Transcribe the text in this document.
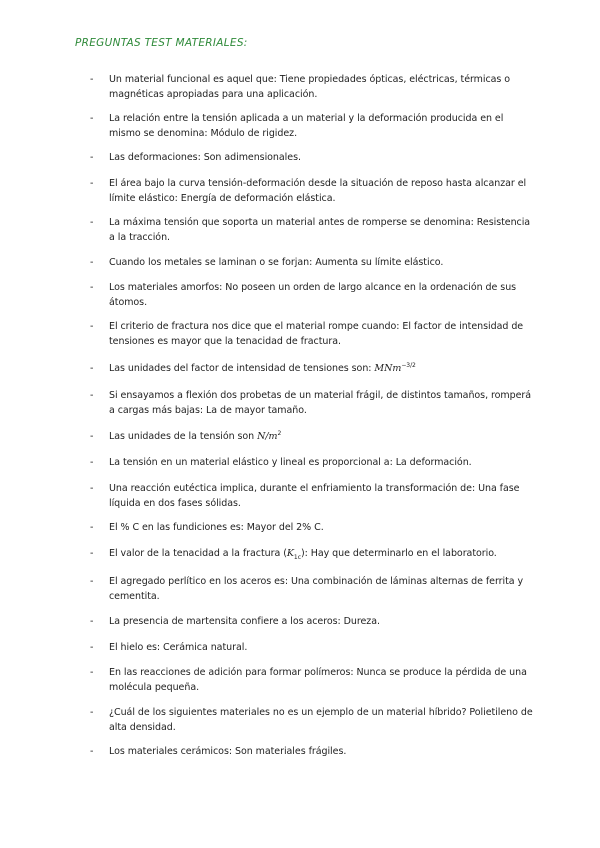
PREGUNTAS TEST MATERIALES:
- Un material funcional es aquel que: Tiene propiedades ópticas, eléctricas, térmicas o magnéticas apropiadas para una aplicación.
- La relación entre la tensión aplicada a un material y la deformación producida en el mismo se denomina: Módulo de rigidez.
- Las deformaciones: Son adimensionales.
- El área bajo la curva tensión-deformación desde la situación de reposo hasta alcanzar el límite elástico: Energía de deformación elástica.
- La máxima tensión que soporta un material antes de romperse se denomina: Resistencia a la tracción.
- Cuando los metales se laminan o se forjan: Aumenta su límite elástico.
- Los materiales amorfos: No poseen un orden de largo alcance en la ordenación de sus átomos.
- El criterio de fractura nos dice que el material rompe cuando: El factor de intensidad de tensiones es mayor que la tenacidad de fractura.
- Las unidades del factor de intensidad de tensiones son: MNm$^{-3/2}$
- Si ensayamos a flexión dos probetas de un material frágil, de distintos tamaños, romperá a cargas más bajas: La de mayor tamaño.
- Las unidades de la tensión son $N/m^2$
- La tensión en un material elástico y lineal es proporcional a: La deformación.
- Una reacción eutéctica implica, durante el enfriamiento la transformación de: Una fase líquida en dos fases sólidas.
- El % C en las fundiciones es: Mayor del 2% C.
- El valor de la tenacidad a la fractura $(K_{1c})$: Hay que determinarlo en el laboratorio.
- El agregado perlítico en los aceros es: Una combinación de láminas alternas de ferrita y cementita.
- La presencia de martensita confiere a los aceros: Dureza.
- El hielo es: Cerámica natural.
- En las reacciones de adición para formar polímeros: Nunca se produce la pérdida de una molécula pequeña.
- ¿Cuál de los siguientes materiales no es un ejemplo de un material híbrido? Polietileno de alta densidad.
- Los materiales cerámicos: Son materiales frágiles.
